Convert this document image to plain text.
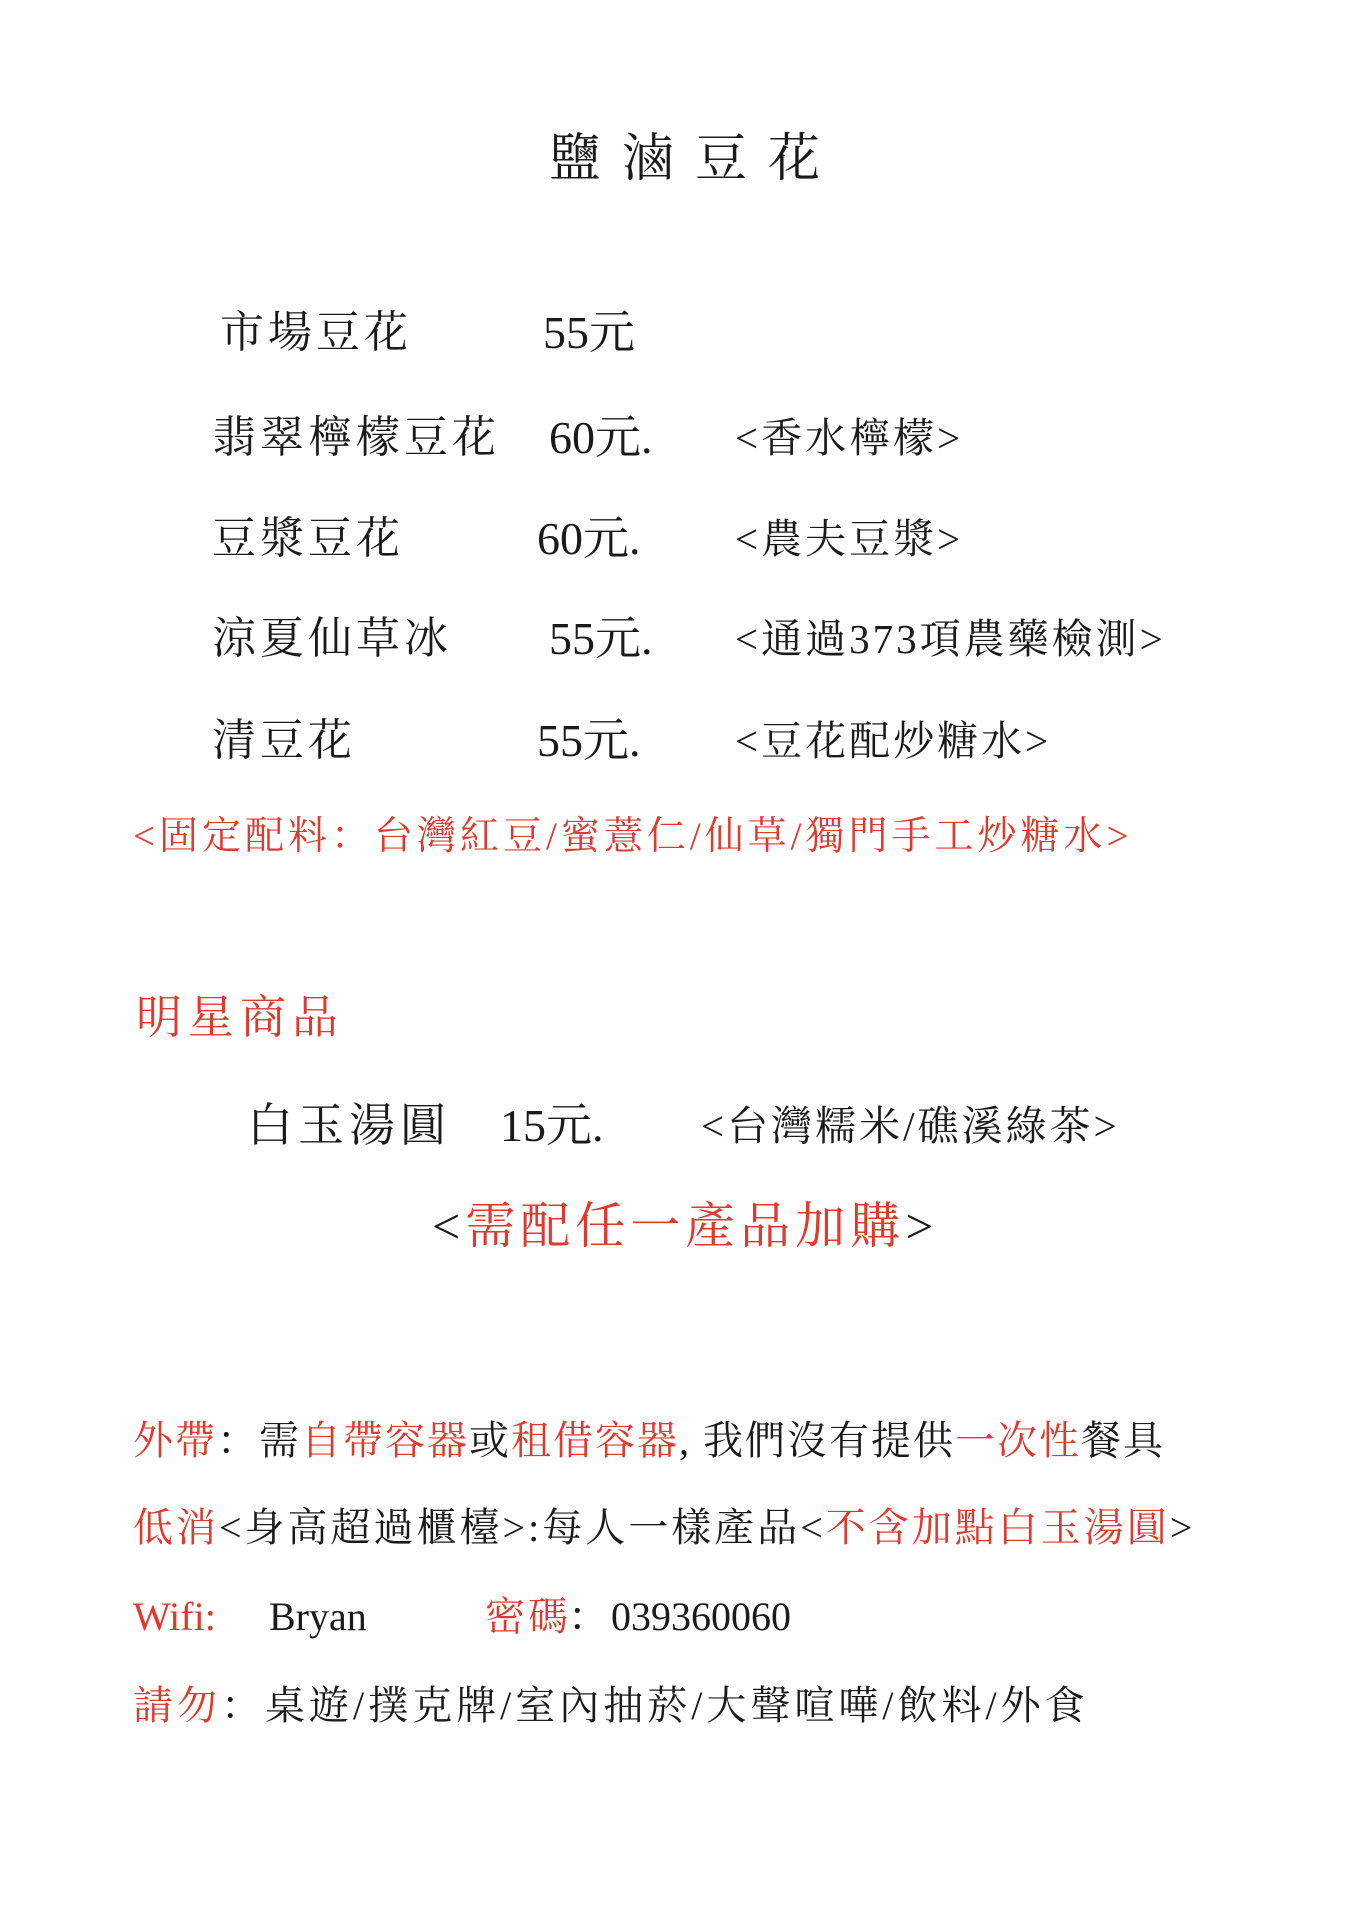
鹽滷豆花
市場豆花	55元
翡翠檸檬豆花 60元. <香水檸檬>
豆漿豆花	60元. <農夫豆漿>
涼夏仙草冰 55元. <通過373項農藥檢測>
清豆花	55元. <豆花配炒糖水>
<固定配料：台灣紅豆/蜜薏仁/仙草/獨門手工炒糖水>
明星商品
白玉湯圓 15元. <台灣糯米/礁溪綠茶>
<需配任一產品加購>
外帶：需自帶容器或租借容器, 我們沒有提供一次性餐具
低消<身高超過櫃檯>:每人一樣產品<不含加點白玉湯圓>
Wifi: Bryan	密碼
： 039360060
請勿：桌遊/撲克牌/室內抽菸/大聲喧嘩/飲料/外食
